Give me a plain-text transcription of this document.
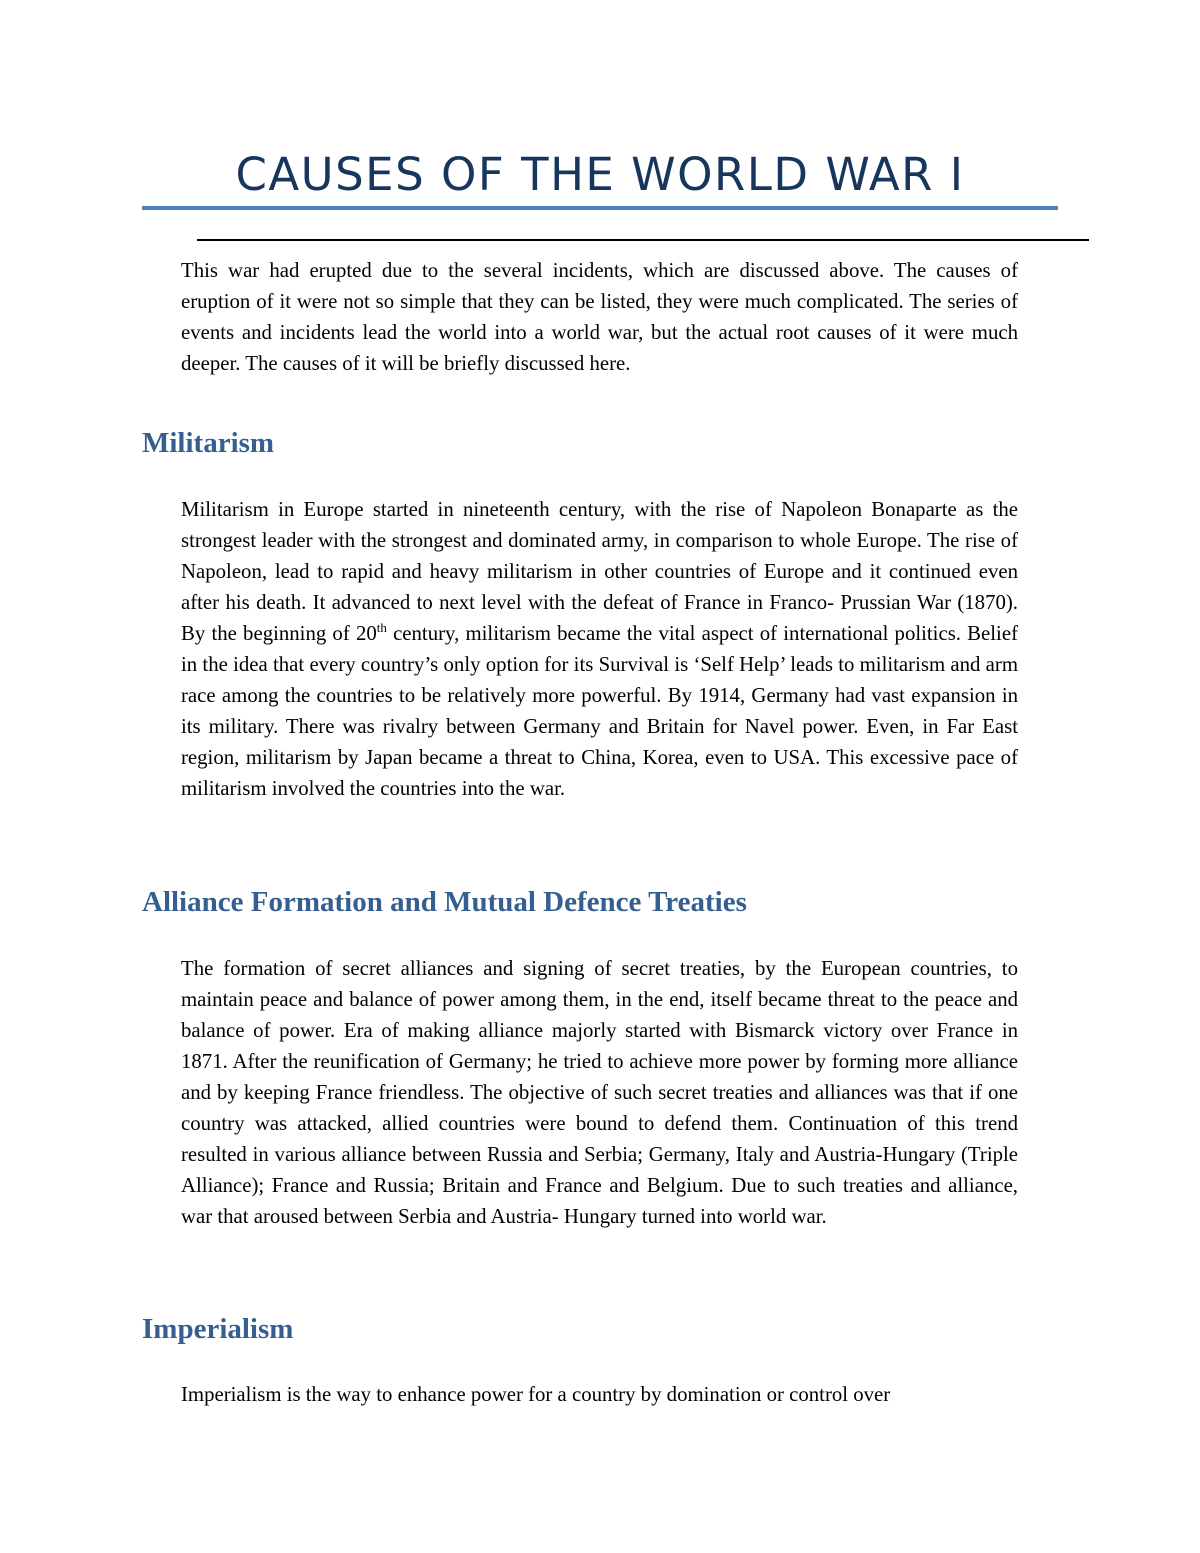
CAUSES OF THE WORLD WAR I

This war had erupted due to the several incidents, which are discussed above. The causes of eruption of it were not so simple that they can be listed, they were much complicated. The series of events and incidents lead the world into a world war, but the actual root causes of it were much deeper. The causes of it will be briefly discussed here.

Militarism

Militarism in Europe started in nineteenth century, with the rise of Napoleon Bonaparte as the strongest leader with the strongest and dominated army, in comparison to whole Europe. The rise of Napoleon, lead to rapid and heavy militarism in other countries of Europe and it continued even after his death. It advanced to next level with the defeat of France in Franco- Prussian War (1870). By the beginning of 20th century, militarism became the vital aspect of international politics. Belief in the idea that every country’s only option for its Survival is ‘Self Help’ leads to militarism and arm race among the countries to be relatively more powerful. By 1914, Germany had vast expansion in its military. There was rivalry between Germany and Britain for Navel power. Even, in Far East region, militarism by Japan became a threat to China, Korea, even to USA. This excessive pace of militarism involved the countries into the war.

Alliance Formation and Mutual Defence Treaties

The formation of secret alliances and signing of secret treaties, by the European countries, to maintain peace and balance of power among them, in the end, itself became threat to the peace and balance of power. Era of making alliance majorly started with Bismarck victory over France in 1871. After the reunification of Germany; he tried to achieve more power by forming more alliance and by keeping France friendless. The objective of such secret treaties and alliances was that if one country was attacked, allied countries were bound to defend them. Continuation of this trend resulted in various alliance between Russia and Serbia; Germany, Italy and Austria-Hungary (Triple Alliance); France and Russia; Britain and France and Belgium. Due to such treaties and alliance, war that aroused between Serbia and Austria- Hungary turned into world war.

Imperialism

Imperialism is the way to enhance power for a country by domination or control over
